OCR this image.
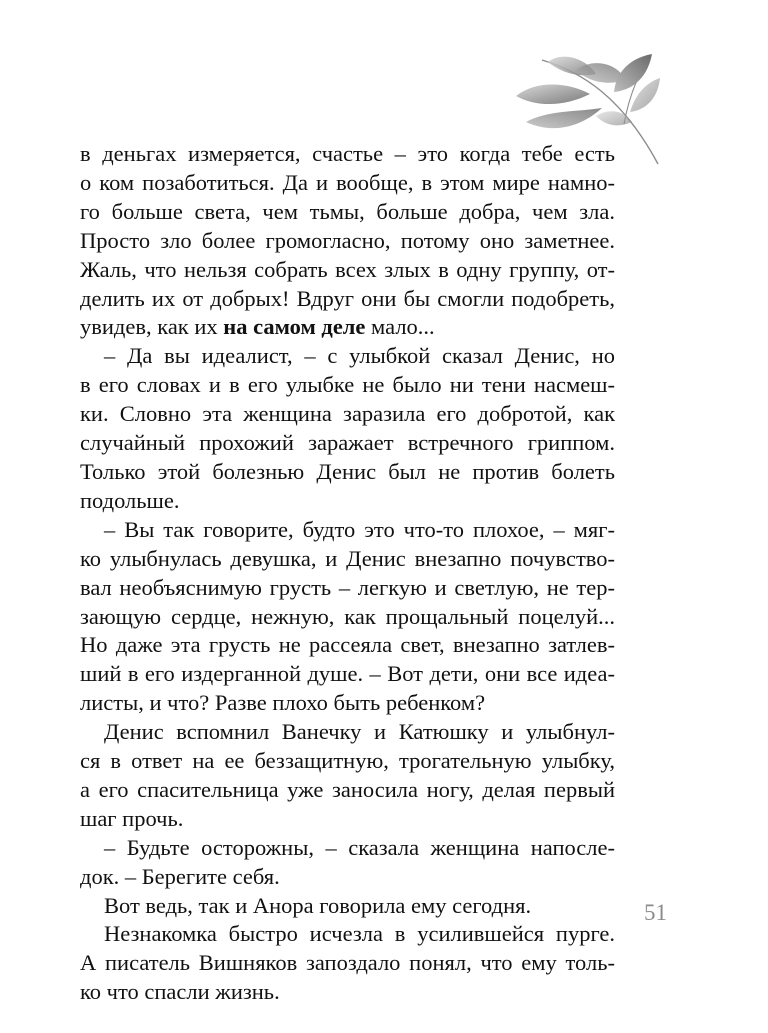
в деньгах измеряется, счастье – это когда тебе есть
о ком позаботиться. Да и вообще, в этом мире намно-
го больше света, чем тьмы, больше добра, чем зла.
Просто зло более громогласно, потому оно заметнее.
Жаль, что нельзя собрать всех злых в одну группу, от-
делить их от добрых! Вдруг они бы смогли подобреть,
увидев, как их на самом деле мало...
– Да вы идеалист, – с улыбкой сказал Денис, но
в его словах и в его улыбке не было ни тени насмеш-
ки. Словно эта женщина заразила его добротой, как
случайный прохожий заражает встречного гриппом.
Только этой болезнью Денис был не против болеть
подольше.
– Вы так говорите, будто это что-то плохое, – мяг-
ко улыбнулась девушка, и Денис внезапно почувство-
вал необъяснимую грусть – легкую и светлую, не тер-
зающую сердце, нежную, как прощальный поцелуй...
Но даже эта грусть не рассеяла свет, внезапно затлев-
ший в его издерганной душе. – Вот дети, они все идеа-
листы, и что? Разве плохо быть ребенком?
Денис вспомнил Ванечку и Катюшку и улыбнул-
ся в ответ на ее беззащитную, трогательную улыбку,
а его спасительница уже заносила ногу, делая первый
шаг прочь.
– Будьте осторожны, – сказала женщина напосле-
док. – Берегите себя.
Вот ведь, так и Анора говорила ему сегодня.
Незнакомка быстро исчезла в усилившейся пурге.
А писатель Вишняков запоздало понял, что ему толь-
ко что спасли жизнь.
51
